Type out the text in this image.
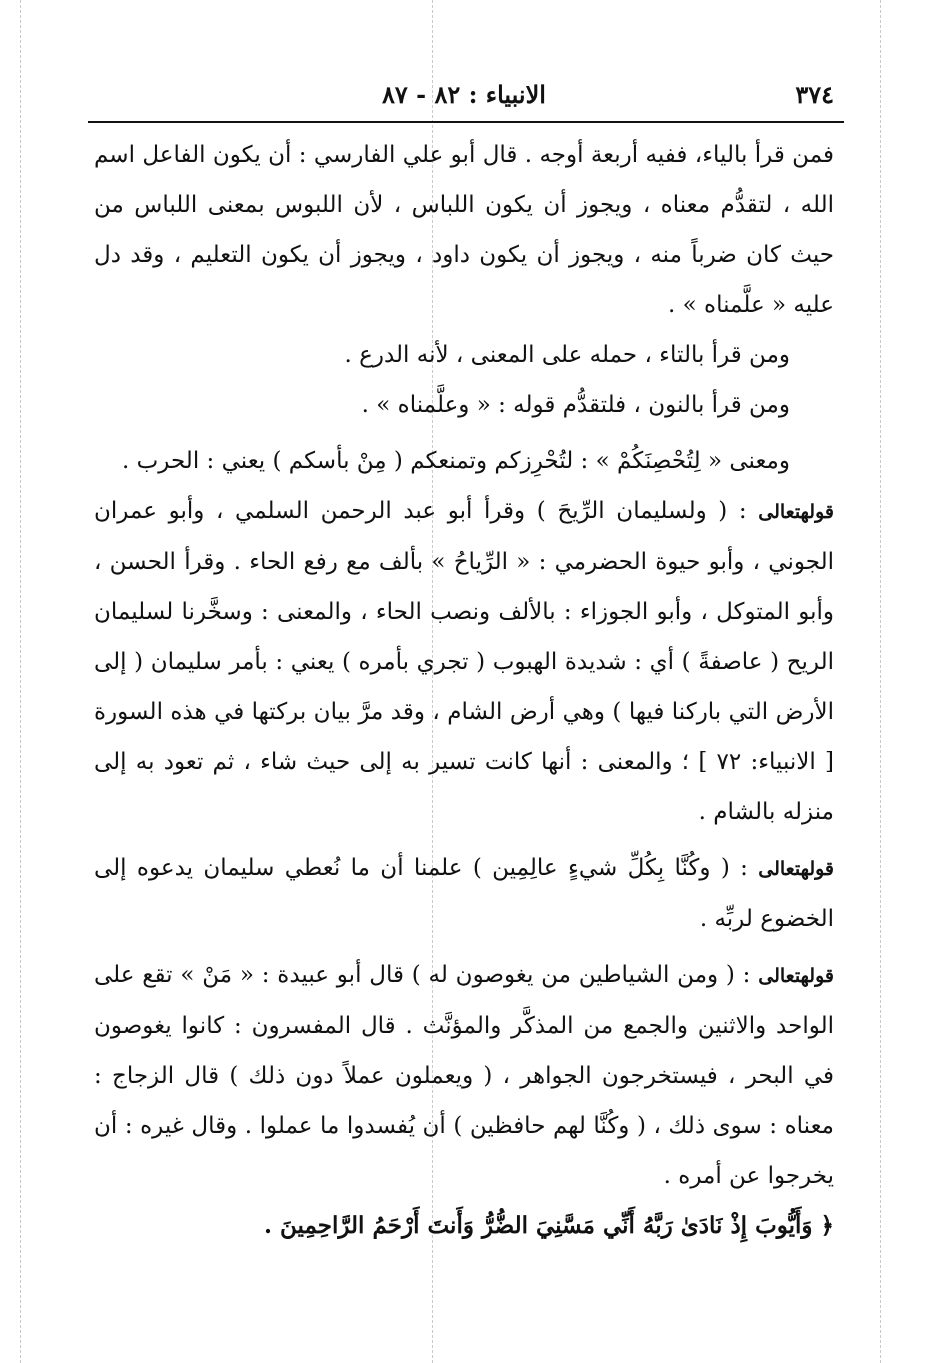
٣٧٤
الانبياء : ٨٢ - ٨٧

فمن قرأ بالياء، ففيه أربعة أوجه . قال أبو علي الفارسي : أن يكون الفاعل اسم الله ، لتقدُّم معناه ، ويجوز أن يكون اللباس ، لأن اللبوس بمعنى اللباس من حيث كان ضرباً منه ، ويجوز أن يكون داود ، ويجوز أن يكون التعليم ، وقد دل عليه « علَّمناه » .

ومن قرأ بالتاء ، حمله على المعنى ، لأنه الدرع .

ومن قرأ بالنون ، فلتقدُّم قوله : « وعلَّمناه » .

ومعنى « لِتُحْصِنَكُمْ » : لتُحْرِزكم وتمنعكم ( مِنْ بأسكم ) يعني : الحرب .

قولهتعالى : ( ولسليمان الرِّيحَ ) وقرأ أبو عبد الرحمن السلمي ، وأبو عمران الجوني ، وأبو حيوة الحضرمي : « الرِّياحُ » بألف مع رفع الحاء . وقرأ الحسن ، وأبو المتوكل ، وأبو الجوزاء : بالألف ونصب الحاء ، والمعنى : وسخَّرنا لسليمان الريح ( عاصفةً ) أي : شديدة الهبوب ( تجري بأمره ) يعني : بأمر سليمان ( إلى الأرض التي باركنا فيها ) وهي أرض الشام ، وقد مرَّ بيان بركتها في هذه السورة [ الانبياء: ٧٢ ] ؛ والمعنى : أنها كانت تسير به إلى حيث شاء ، ثم تعود به إلى منزله بالشام .

قولهتعالى : ( وكُنَّا بِكُلِّ شيءٍ عالِمِين ) علمنا أن ما نُعطي سليمان يدعوه إلى الخضوع لربِّه .

قولهتعالى : ( ومن الشياطين من يغوصون له ) قال أبو عبيدة : « مَنْ » تقع على الواحد والاثنين والجمع من المذكَّر والمؤنَّث . قال المفسرون : كانوا يغوصون في البحر ، فيستخرجون الجواهر ، ( ويعملون عملاً دون ذلك ) قال الزجاج : معناه : سوى ذلك ، ( وكُنَّا لهم حافظين ) أن يُفسدوا ما عملوا . وقال غيره : أن يخرجوا عن أمره .

﴿ وَأَيُّوبَ إِذْ نَادَىٰ رَبَّهُ أَنِّي مَسَّنِيَ الضُّرُّ وَأَنتَ أَرْحَمُ الرَّاحِمِينَ .
